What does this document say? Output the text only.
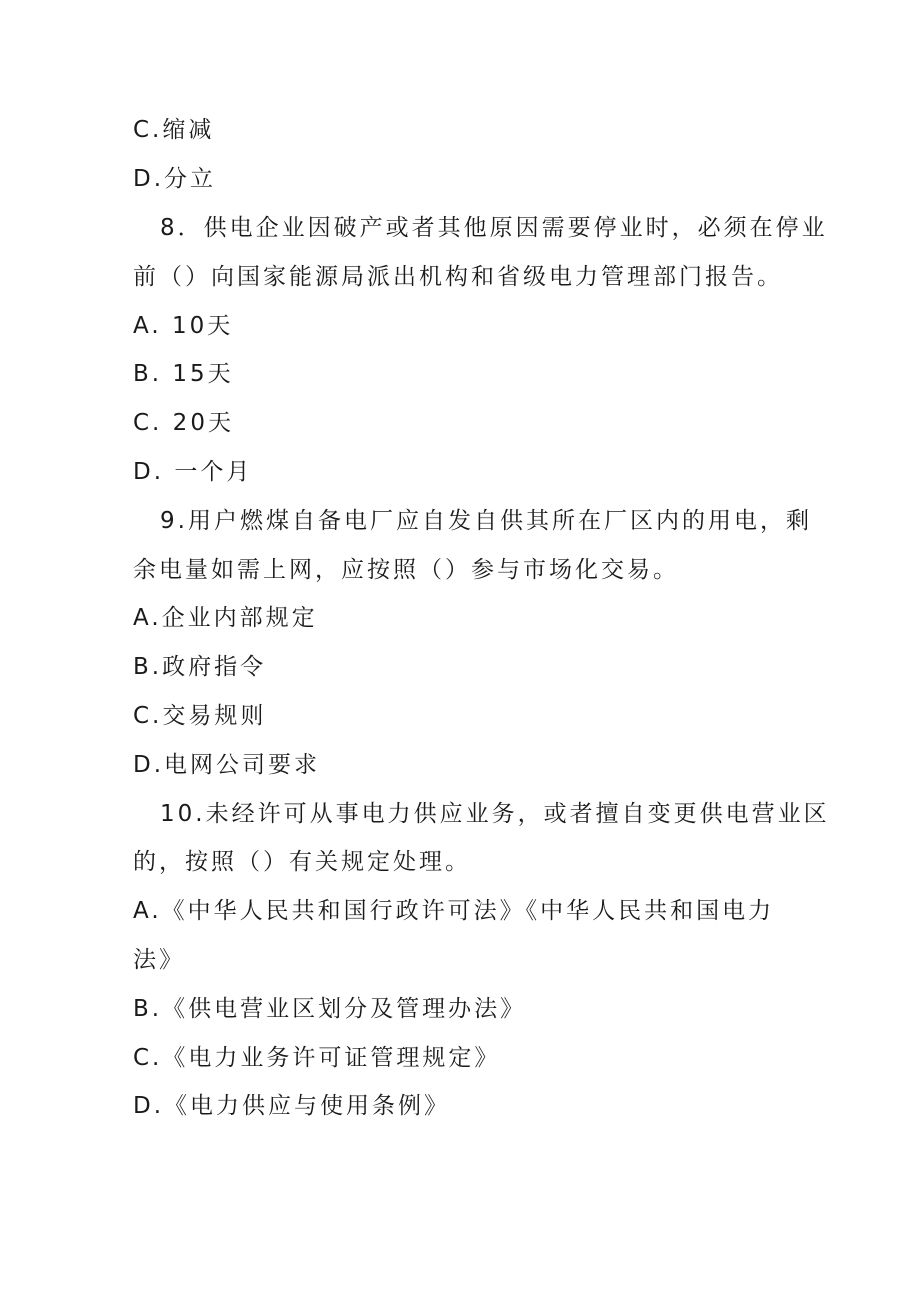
C.缩减
D.分立
8．供电企业因破产或者其他原因需要停业时，必须在停业
前（）向国家能源局派出机构和省级电力管理部门报告。
A. 10天
B. 15天
C. 20天
D. 一个月
9.用户燃煤自备电厂应自发自供其所在厂区内的用电，剩
余电量如需上网，应按照（）参与市场化交易。
A.企业内部规定
B.政府指令
C.交易规则
D.电网公司要求
10.未经许可从事电力供应业务，或者擅自变更供电营业区
的，按照（）有关规定处理。
A.《中华人民共和国行政许可法》《中华人民共和国电力
法》
B.《供电营业区划分及管理办法》
C.《电力业务许可证管理规定》
D.《电力供应与使用条例》
